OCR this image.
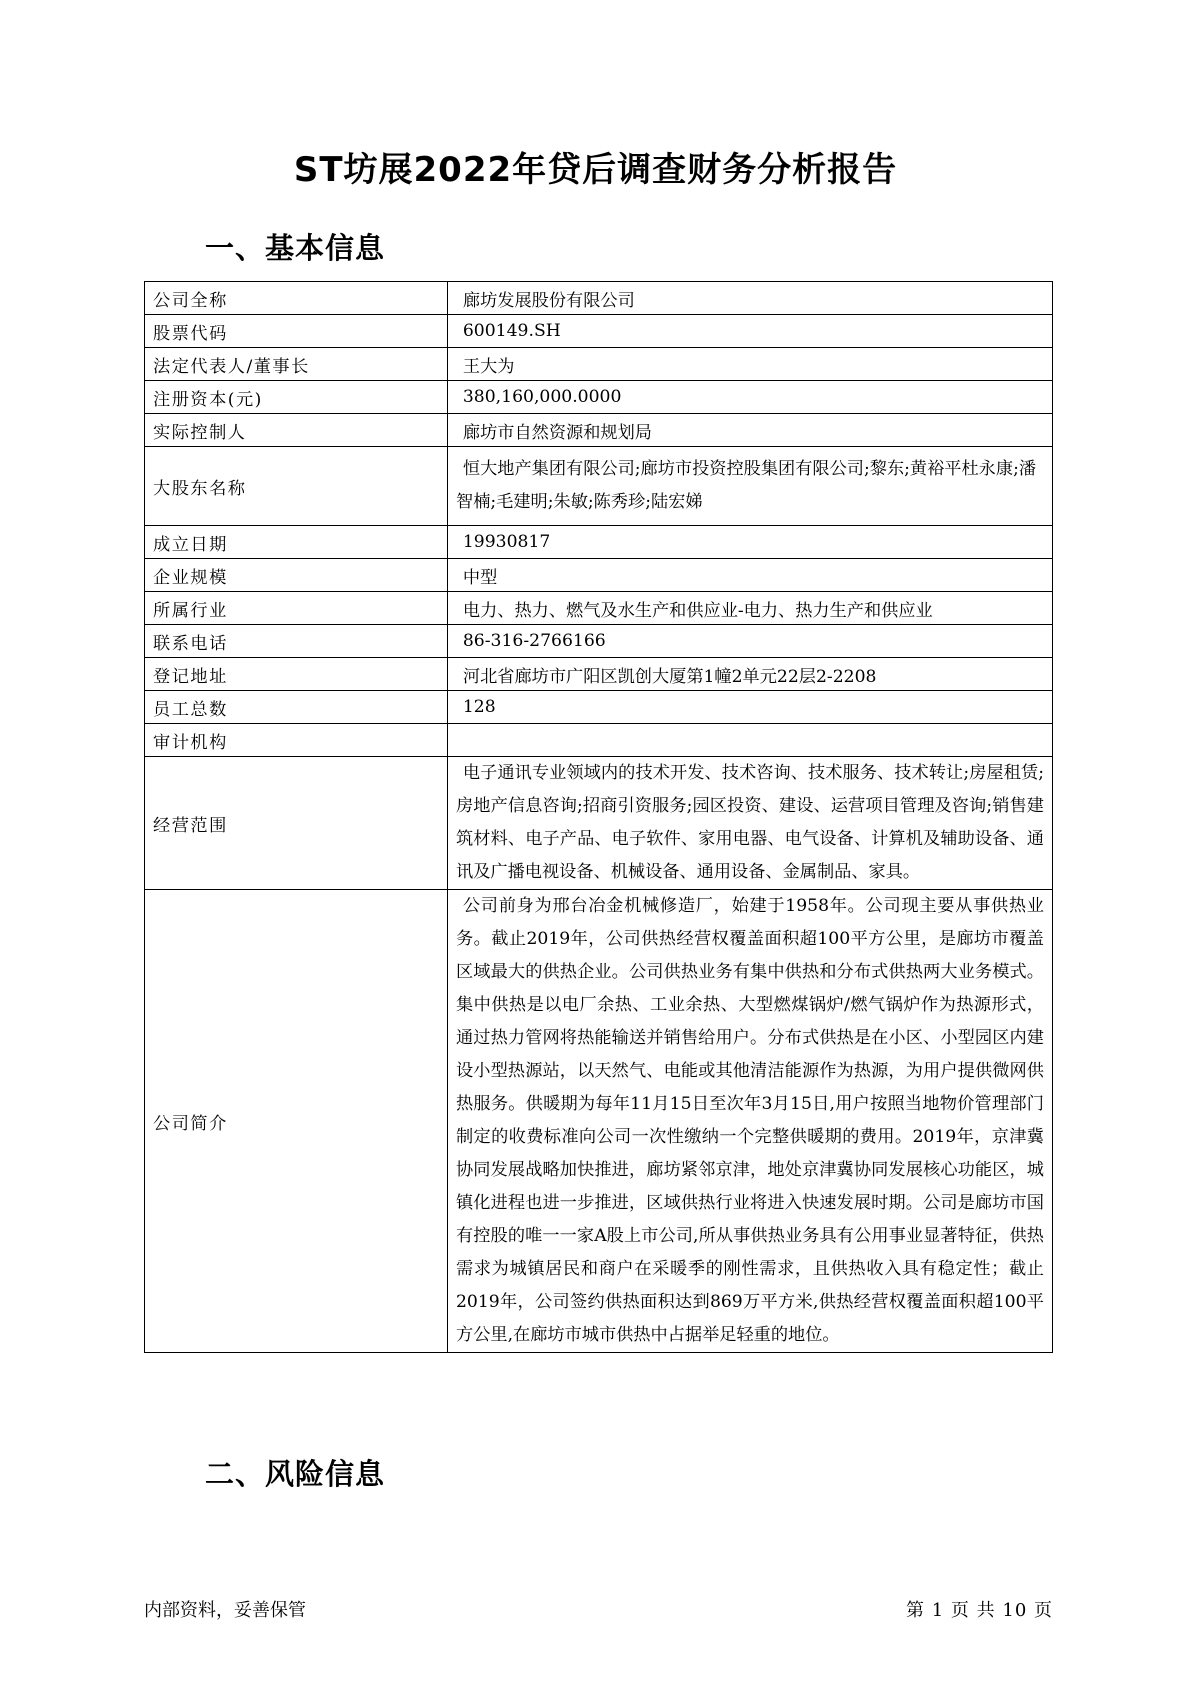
ST坊展2022年贷后调查财务分析报告
一、基本信息
公司全称	廊坊发展股份有限公司
股票代码	600149.SH
法定代表人/董事长	王大为
注册资本(元)	380,160,000.0000
实际控制人	廊坊市自然资源和规划局
大股东名称	恒大地产集团有限公司;廊坊市投资控股集团有限公司;黎东;黄裕平杜永康;潘智楠;毛建明;朱敏;陈秀珍;陆宏娣

成立日期	19930817
企业规模	中型
所属行业	电力、热力、燃气及水生产和供应业-电力、热力生产和供应业
联系电话	86-316-2766166
登记地址	河北省廊坊市广阳区凯创大厦第1幢2单元22层2-2208
员工总数	128
审计机构	
经营范围	电子通讯专业领域内的技术开发、技术咨询、技术服务、技术转让;房屋租赁;房地产信息咨询;招商引资服务;园区投资、建设、运营项目管理及咨询;销售建筑材料、电子产品、电子软件、家用电器、电气设备、计算机及辅助设备、通讯及广播电视设备、机械设备、通用设备、金属制品、家具。

公司简介	公司前身为邢台冶金机械修造厂，始建于1958年。公司现主要从事供热业务。截止2019年，公司供热经营权覆盖面积超100平方公里，是廊坊市覆盖区域最大的供热企业。公司供热业务有集中供热和分布式供热两大业务模式。集中供热是以电厂余热、工业余热、大型燃煤锅炉/燃气锅炉作为热源形式，通过热力管网将热能输送并销售给用户。分布式供热是在小区、小型园区内建设小型热源站，以天然气、电能或其他清洁能源作为热源，为用户提供微网供热服务。供暖期为每年11月15日至次年3月15日,用户按照当地物价管理部门制定的收费标准向公司一次性缴纳一个完整供暖期的费用。2019年，京津冀协同发展战略加快推进，廊坊紧邻京津，地处京津冀协同发展核心功能区，城镇化进程也进一步推进，区域供热行业将进入快速发展时期。公司是廊坊市国有控股的唯一一家A股上市公司,所从事供热业务具有公用事业显著特征，供热需求为城镇居民和商户在采暖季的刚性需求，且供热收入具有稳定性；截止2019年，公司签约供热面积达到869万平方米,供热经营权覆盖面积超100平方公里,在廊坊市城市供热中占据举足轻重的地位。
二、风险信息
内部资料，妥善保管	第 1 页 共 10 页
